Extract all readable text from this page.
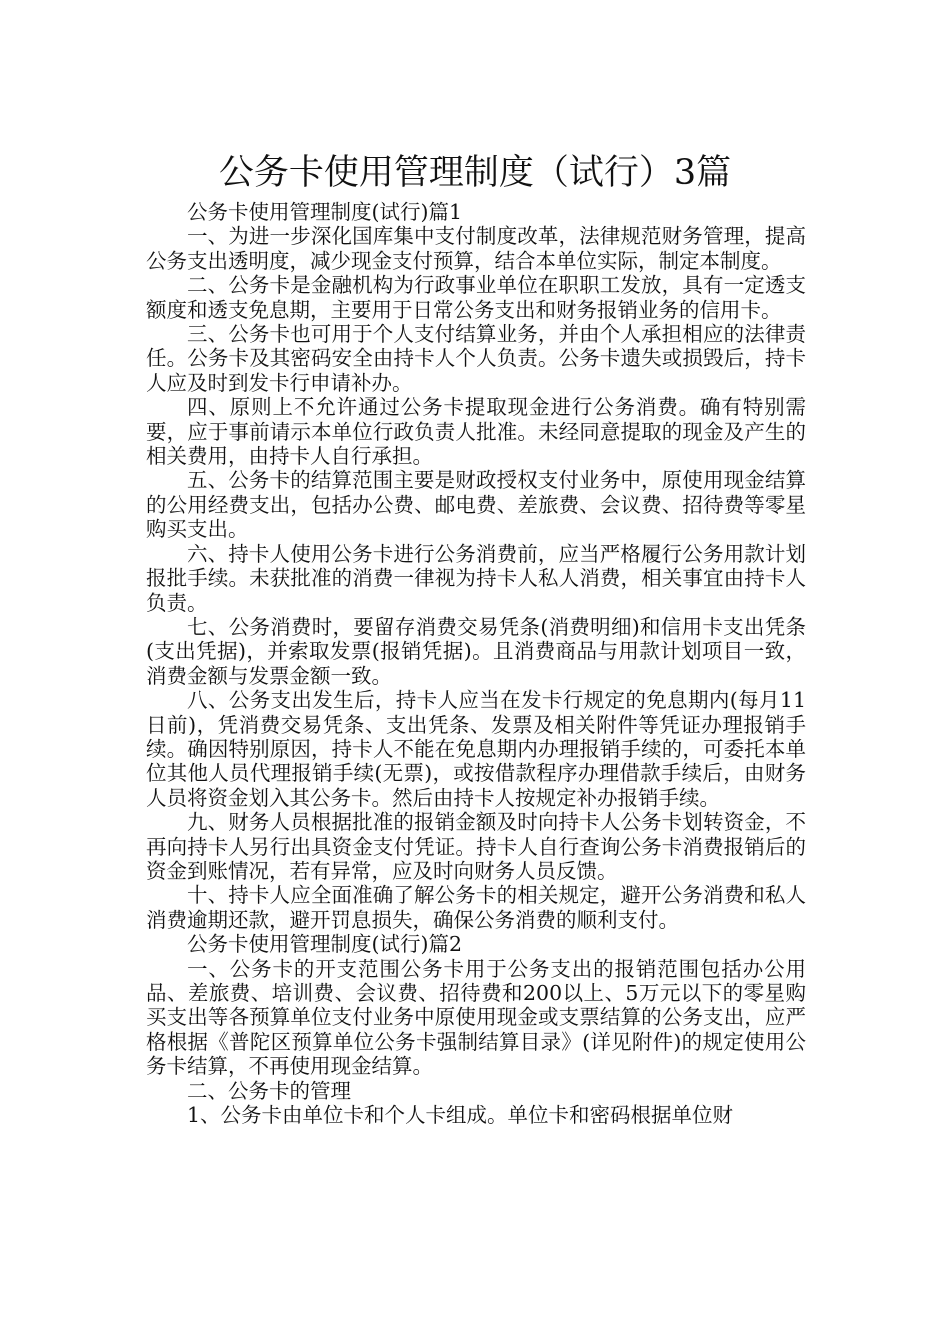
公务卡使用管理制度（试行）3篇

公务卡使用管理制度(试行)篇1

一、为进一步深化国库集中支付制度改革，法律规范财务管理，提高公务支出透明度，减少现金支付预算，结合本单位实际，制定本制度。

二、公务卡是金融机构为行政事业单位在职职工发放，具有一定透支额度和透支免息期，主要用于日常公务支出和财务报销业务的信用卡。

三、公务卡也可用于个人支付结算业务，并由个人承担相应的法律责任。公务卡及其密码安全由持卡人个人负责。公务卡遗失或损毁后，持卡人应及时到发卡行申请补办。

四、原则上不允许通过公务卡提取现金进行公务消费。确有特别需要，应于事前请示本单位行政负责人批准。未经同意提取的现金及产生的相关费用，由持卡人自行承担。

五、公务卡的结算范围主要是财政授权支付业务中，原使用现金结算的公用经费支出，包括办公费、邮电费、差旅费、会议费、招待费等零星购买支出。

六、持卡人使用公务卡进行公务消费前，应当严格履行公务用款计划报批手续。未获批准的消费一律视为持卡人私人消费，相关事宜由持卡人负责。

七、公务消费时，要留存消费交易凭条(消费明细)和信用卡支出凭条(支出凭据)，并索取发票(报销凭据)。且消费商品与用款计划项目一致，消费金额与发票金额一致。

八、公务支出发生后，持卡人应当在发卡行规定的免息期内(每月11日前)，凭消费交易凭条、支出凭条、发票及相关附件等凭证办理报销手续。确因特别原因，持卡人不能在免息期内办理报销手续的，可委托本单位其他人员代理报销手续(无票)，或按借款程序办理借款手续后，由财务人员将资金划入其公务卡。然后由持卡人按规定补办报销手续。

九、财务人员根据批准的报销金额及时向持卡人公务卡划转资金，不再向持卡人另行出具资金支付凭证。持卡人自行查询公务卡消费报销后的资金到账情况，若有异常，应及时向财务人员反馈。

十、持卡人应全面准确了解公务卡的相关规定，避开公务消费和私人消费逾期还款，避开罚息损失，确保公务消费的顺利支付。

公务卡使用管理制度(试行)篇2

一、公务卡的开支范围公务卡用于公务支出的报销范围包括办公用品、差旅费、培训费、会议费、招待费和200以上、5万元以下的零星购买支出等各预算单位支付业务中原使用现金或支票结算的公务支出，应严格根据《普陀区预算单位公务卡强制结算目录》(详见附件)的规定使用公务卡结算，不再使用现金结算。

二、公务卡的管理

1、公务卡由单位卡和个人卡组成。单位卡和密码根据单位财
